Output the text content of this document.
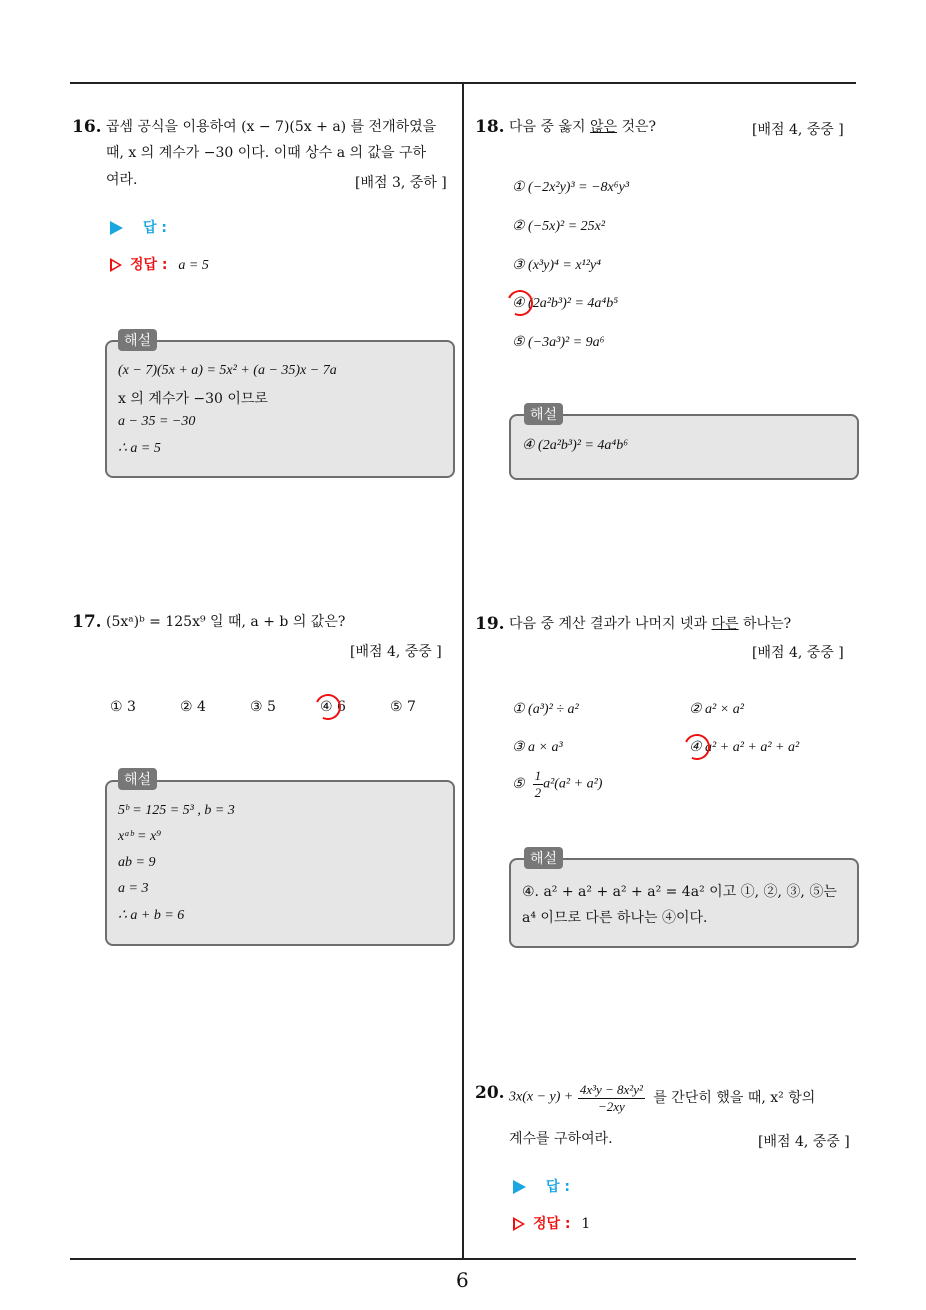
16. 곱셈 공식을 이용하여 (x − 7)(5x + a) 를 전개하였을
때, x 의 계수가 −30 이다. 이때 상수 a 의 값을 구하
여라.	[배점 3, 중하 ]
답 :
정답 : a = 5
해설
(x − 7)(5x + a) = 5x² + (a − 35)x − 7a
x 의 계수가 −30 이므로
a − 35 = −30
∴ a = 5
17. (5xᵃ)ᵇ = 125x⁹ 일 때, a + b 의 값은?
[배점 4, 중중 ]
① 3	② 4	③ 5	④ 6	⑤ 7
해설
5ᵇ = 125 = 5³ , b = 3
xᵃᵇ = x⁹
ab = 9
a = 3
∴ a + b = 6
18. 다음 중 옳지 않은 것은?	[배점 4, 중중 ]
① (−2x²y)³ = −8x⁶y³
② (−5x)² = 25x²
③ (x³y)⁴ = x¹²y⁴
④ (2a²b³)² = 4a⁴b⁵
⑤ (−3a³)² = 9a⁶
해설
④ (2a²b³)² = 4a⁴b⁶
19. 다음 중 계산 결과가 나머지 넷과 다른 하나는?
[배점 4, 중중 ]
① (a³)² ÷ a²	② a² × a²
③ a × a³	④ a² + a² + a² + a²
⑤ $\frac{1}{2} a^2(a^2 + a^2)$
해설
④. a² + a² + a² + a² = 4a² 이고 ①, ②, ③, ⑤는
a⁴ 이므로 다른 하나는 ④이다.
20. $3x(x - y) + \frac{\text{4x³y − 8x²y²}}{-2xy}$ 를 간단히 했을 때, x² 항의
계수를 구하여라.	[배점 4, 중중 ]
답 :
정답 : 1
6
